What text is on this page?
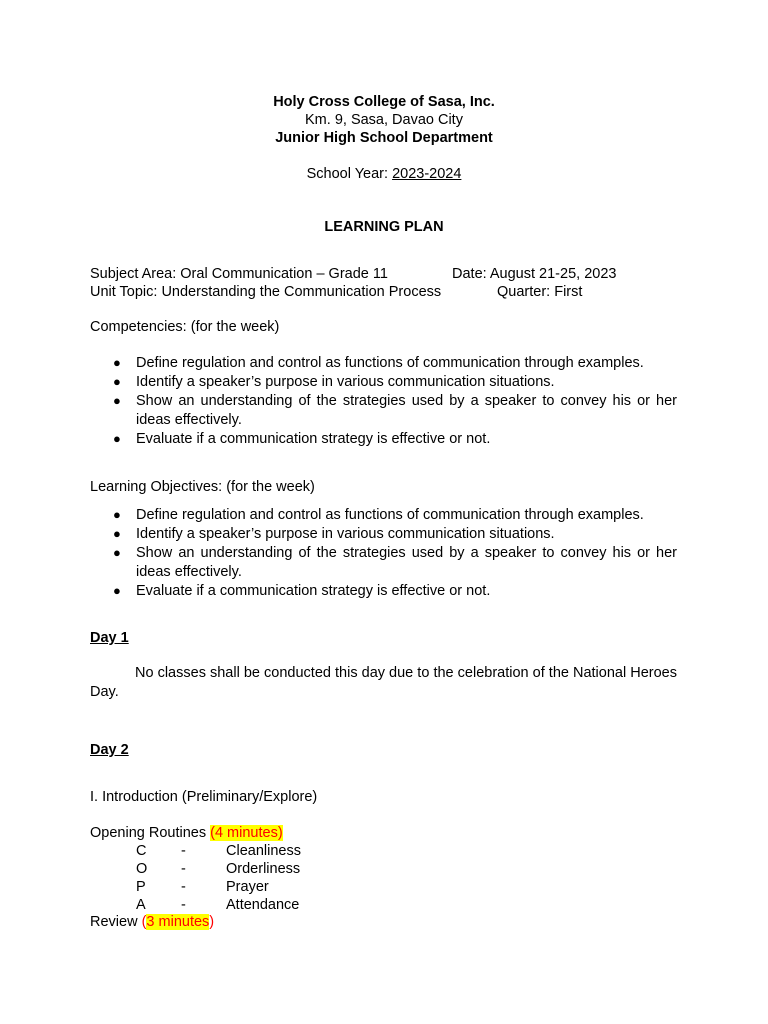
Holy Cross College of Sasa, Inc.
Km. 9, Sasa, Davao City
Junior High School Department
School Year: 2023-2024
LEARNING PLAN
Subject Area: Oral Communication – Grade 11	Date: August 21-25, 2023
Unit Topic: Understanding the Communication Process	Quarter: First
Competencies: (for the week)
● Define regulation and control as functions of communication through examples.
● Identify a speaker’s purpose in various communication situations.
● Show an understanding of the strategies used by a speaker to convey his or her ideas effectively.
● Evaluate if a communication strategy is effective or not.
Learning Objectives: (for the week)
● Define regulation and control as functions of communication through examples.
● Identify a speaker’s purpose in various communication situations.
● Show an understanding of the strategies used by a speaker to convey his or her ideas effectively.
● Evaluate if a communication strategy is effective or not.
Day 1
No classes shall be conducted this day due to the celebration of the National Heroes Day.
Day 2
I. Introduction (Preliminary/Explore)
Opening Routines (4 minutes)
C -	Cleanliness
O -	Orderliness
P -	Prayer
A -	Attendance
Review (3 minutes)
